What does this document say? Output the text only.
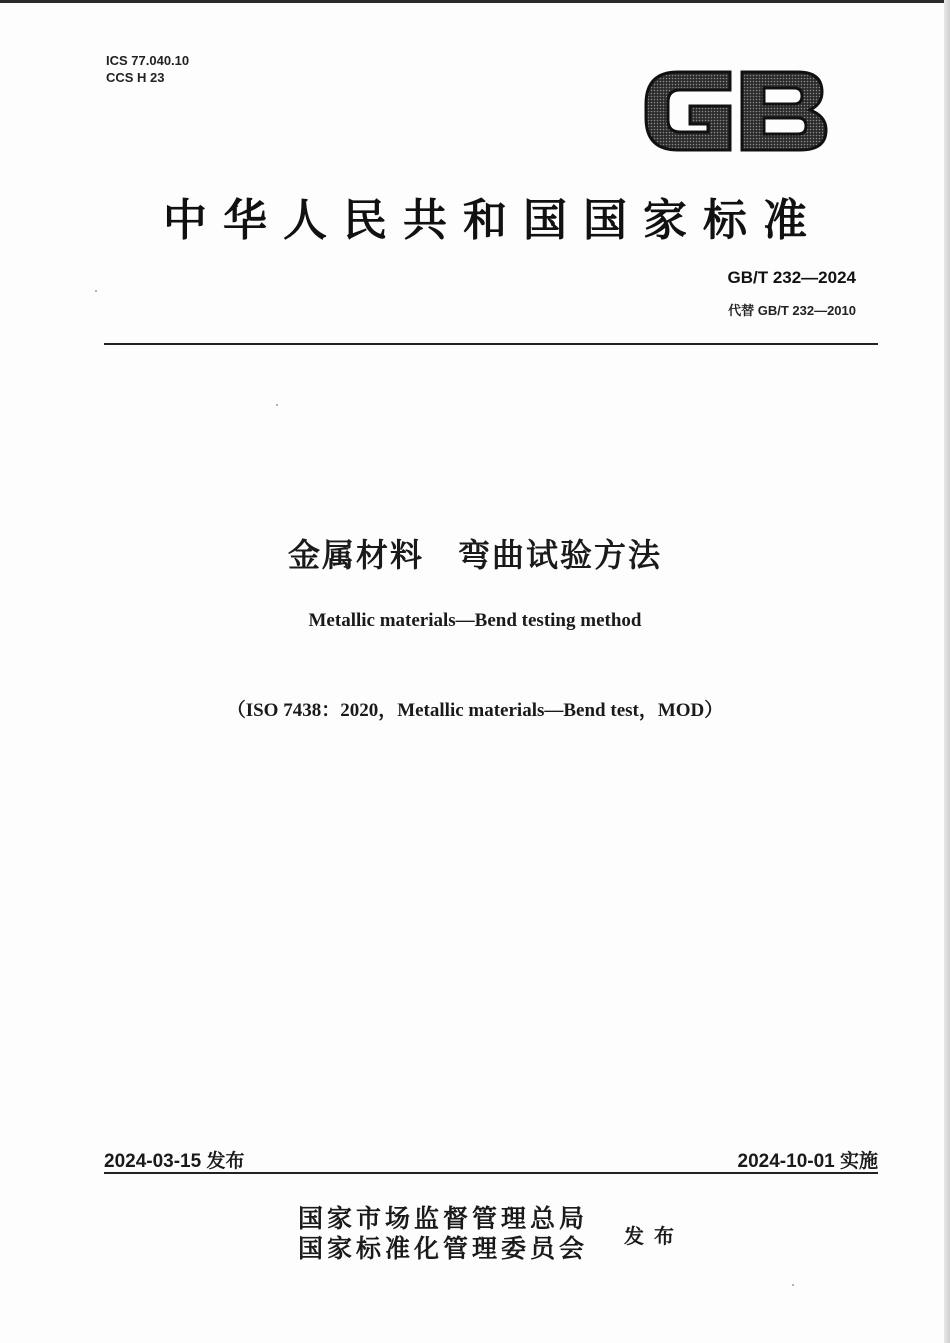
ICS 77.040.10
CCS H 23
中华人民共和国国家标准
GB/T 232—2024
代替 GB/T 232—2010
金属材料　弯曲试验方法
Metallic materials—Bend testing method
（ISO 7438：2020，Metallic materials—Bend test，MOD）
2024-03-15 发布	2024-10-01 实施
国家市场监督管理总局
国家标准化管理委员会 发布
